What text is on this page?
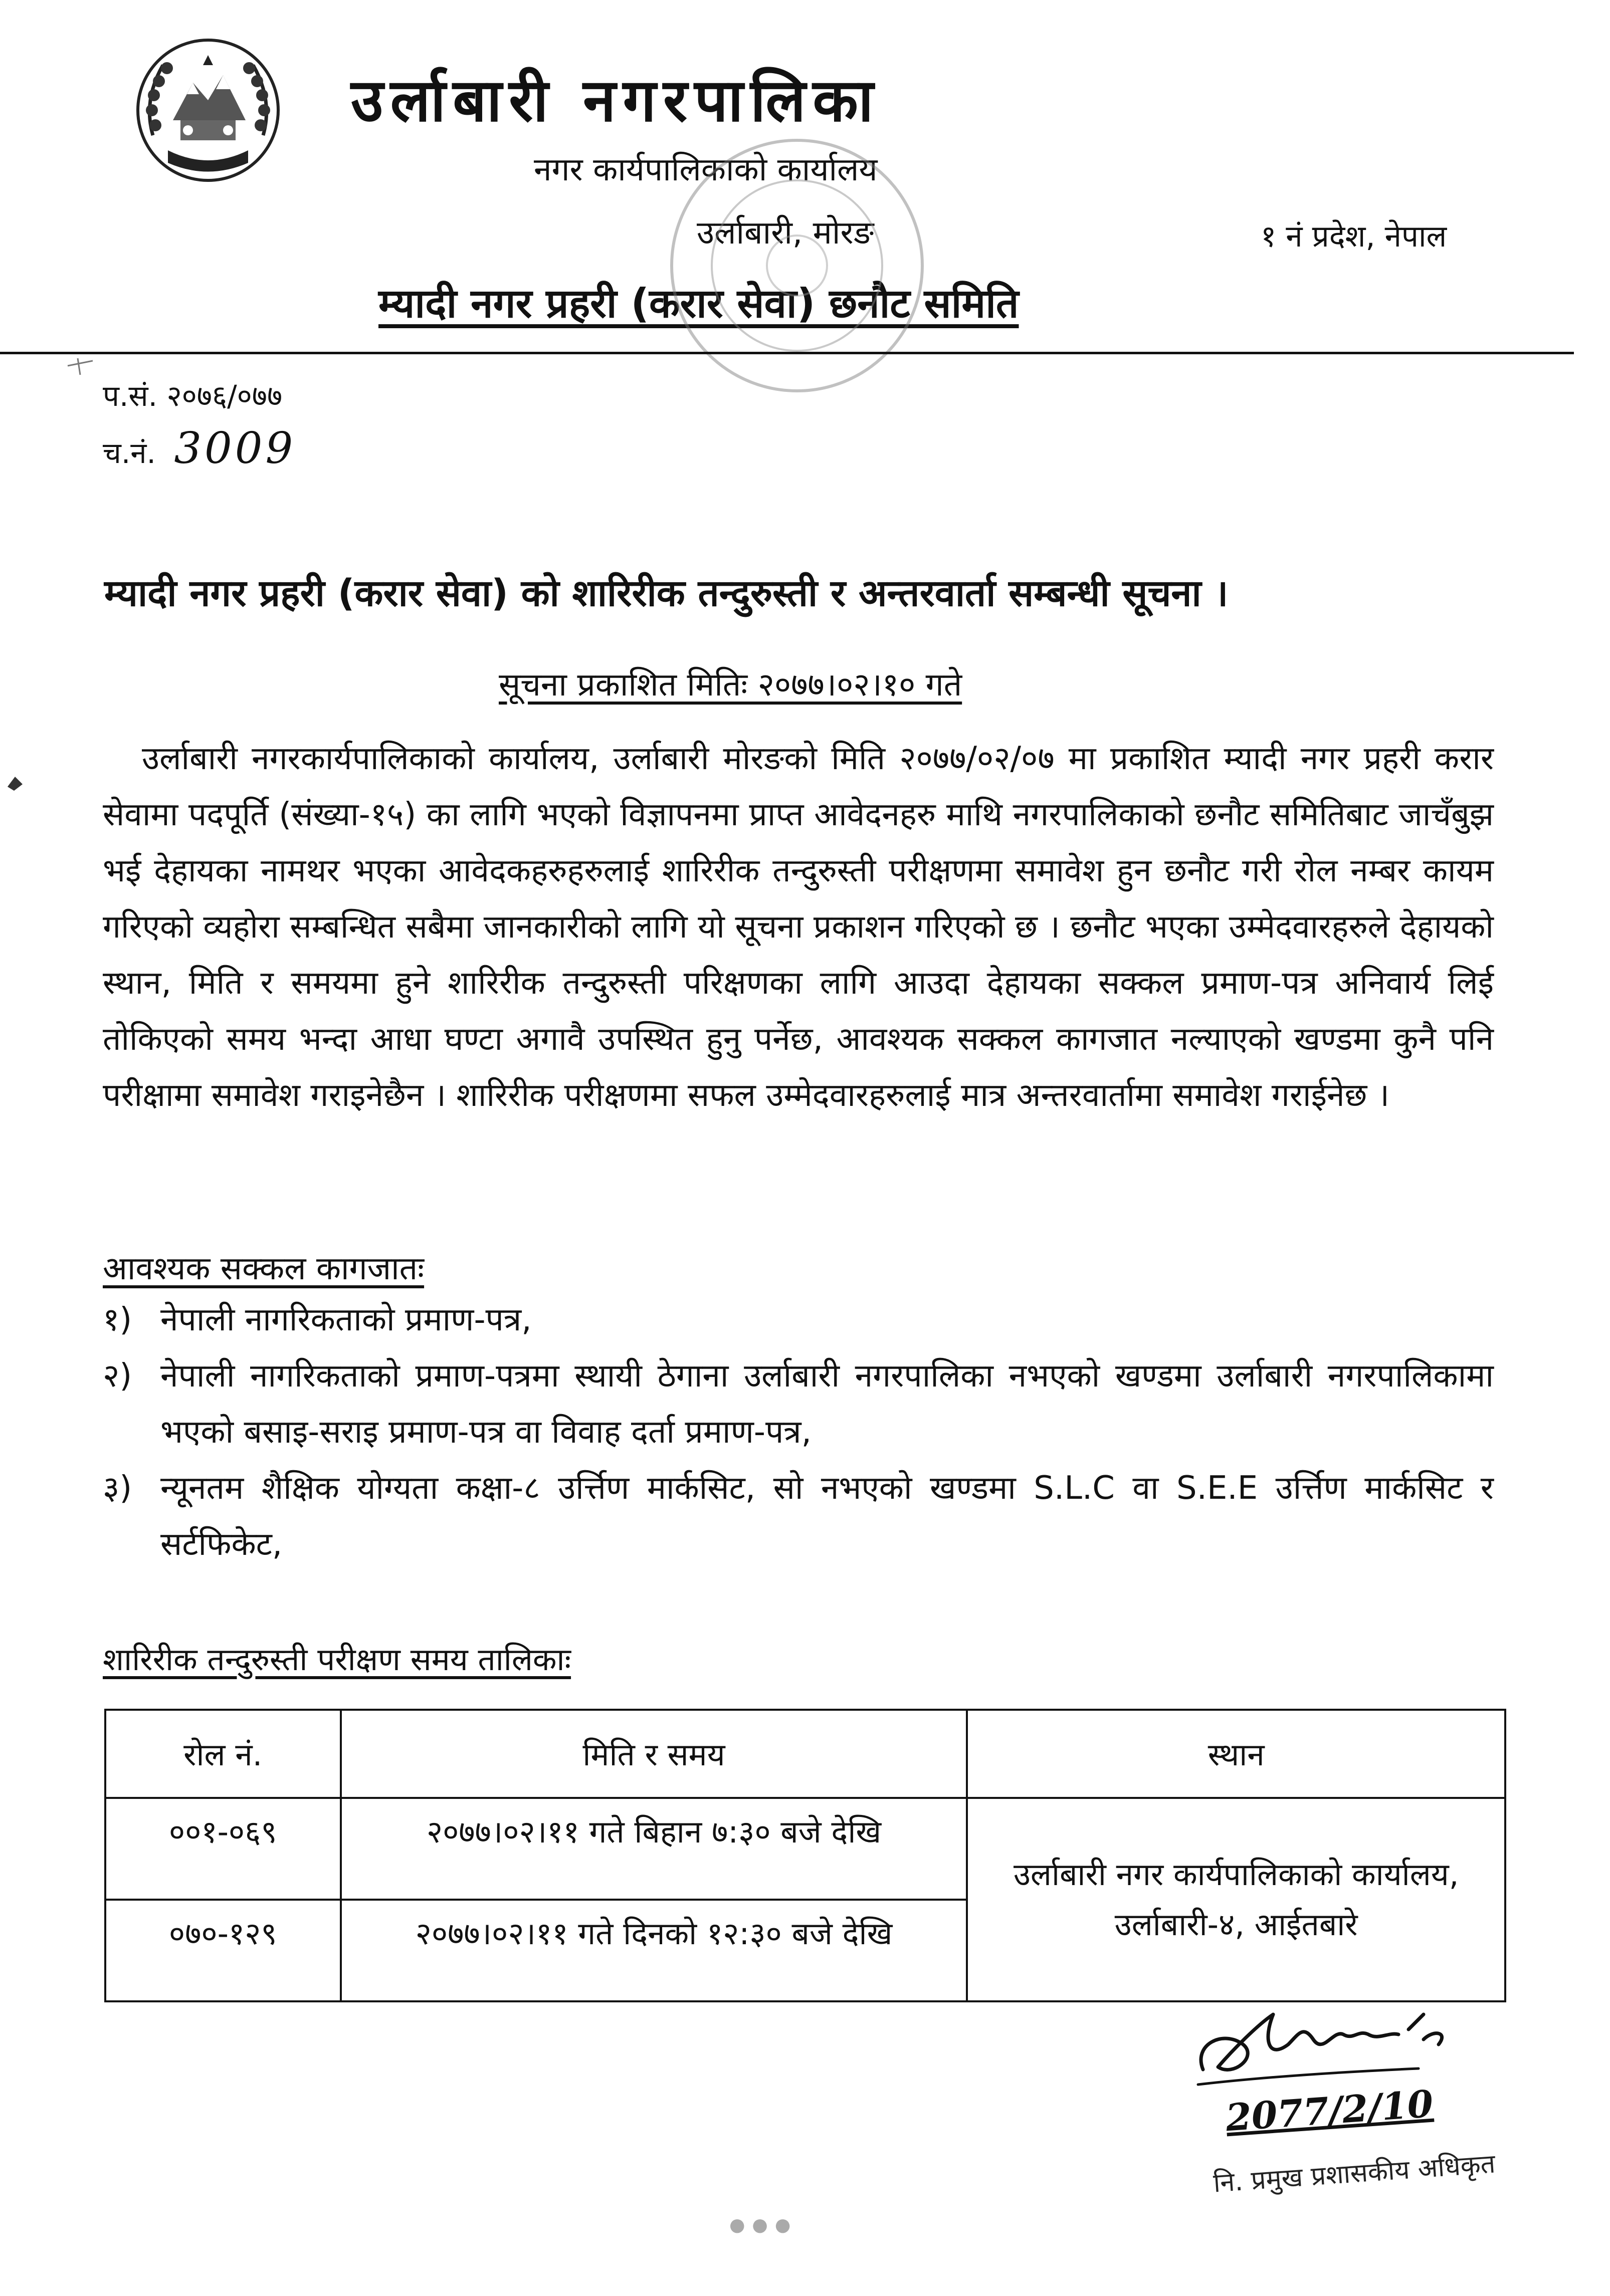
उर्लाबारी नगरपालिका
नगर कार्यपालिकाको कार्यालय
उर्लाबारी, मोरङ	१ नं प्रदेश, नेपाल
म्यादी नगर प्रहरी (करार सेवा) छनौट समिति
प.सं. २०७६/०७७
च.नं. 3009
म्यादी नगर प्रहरी (करार सेवा) को शारिरीक तन्दुरुस्ती र अन्तरवार्ता सम्बन्धी सूचना ।
सूचना प्रकाशित मितिः २०७७।०२।१० गते
उर्लाबारी नगरकार्यपालिकाको कार्यालय, उर्लाबारी मोरङको मिति २०७७/०२/०७ मा प्रकाशित म्यादी नगर प्रहरी करार सेवामा पदपूर्ति (संख्या-१५) का लागि भएको विज्ञापनमा प्राप्त आवेदनहरु माथि नगरपालिकाको छनौट समितिबाट जाचँबुझ भई देहायका नामथर भएका आवेदकहरुहरुलाई शारिरीक तन्दुरुस्ती परीक्षणमा समावेश हुन छनौट गरी रोल नम्बर कायम गरिएको व्यहोरा सम्बन्धित सबैमा जानकारीको लागि यो सूचना प्रकाशन गरिएको छ । छनौट भएका उम्मेदवारहरुले देहायको स्थान, मिति र समयमा हुने शारिरीक तन्दुरुस्ती परिक्षणका लागि आउदा देहायका सक्कल प्रमाण-पत्र अनिवार्य लिई तोकिएको समय भन्दा आधा घण्टा अगावै उपस्थित हुनु पर्नेछ, आवश्यक सक्कल कागजात नल्याएको खण्डमा कुनै पनि परीक्षामा समावेश गराइनेछैन । शारिरीक परीक्षणमा सफल उम्मेदवारहरुलाई मात्र अन्तरवार्तामा समावेश गराईनेछ ।
आवश्यक सक्कल कागजातः
१) नेपाली नागरिकताको प्रमाण-पत्र,
२) नेपाली नागरिकताको प्रमाण-पत्रमा स्थायी ठेगाना उर्लाबारी नगरपालिका नभएको खण्डमा उर्लाबारी नगरपालिकामा भएको बसाइ-सराइ प्रमाण-पत्र वा विवाह दर्ता प्रमाण-पत्र,
३) न्यूनतम शैक्षिक योग्यता कक्षा-८ उर्त्तिण मार्कसिट, सो नभएको खण्डमा S.L.C वा S.E.E उर्त्तिण मार्कसिट र सर्टफिकेट,
शारिरीक तन्दुरुस्ती परीक्षण समय तालिकाः
रोल नं.	मिति र समय	स्थान
००१-०६९	२०७७।०२।११ गते बिहान ७:३० बजे देखि	उर्लाबारी नगर कार्यपालिकाको कार्यालय,
उर्लाबारी-४, आईतबारे

०७०-१२९	२०७७।०२।११ गते दिनको १२:३० बजे देखि	
2077/2/10
नि. प्रमुख प्रशासकीय अधिकृत
●●●
